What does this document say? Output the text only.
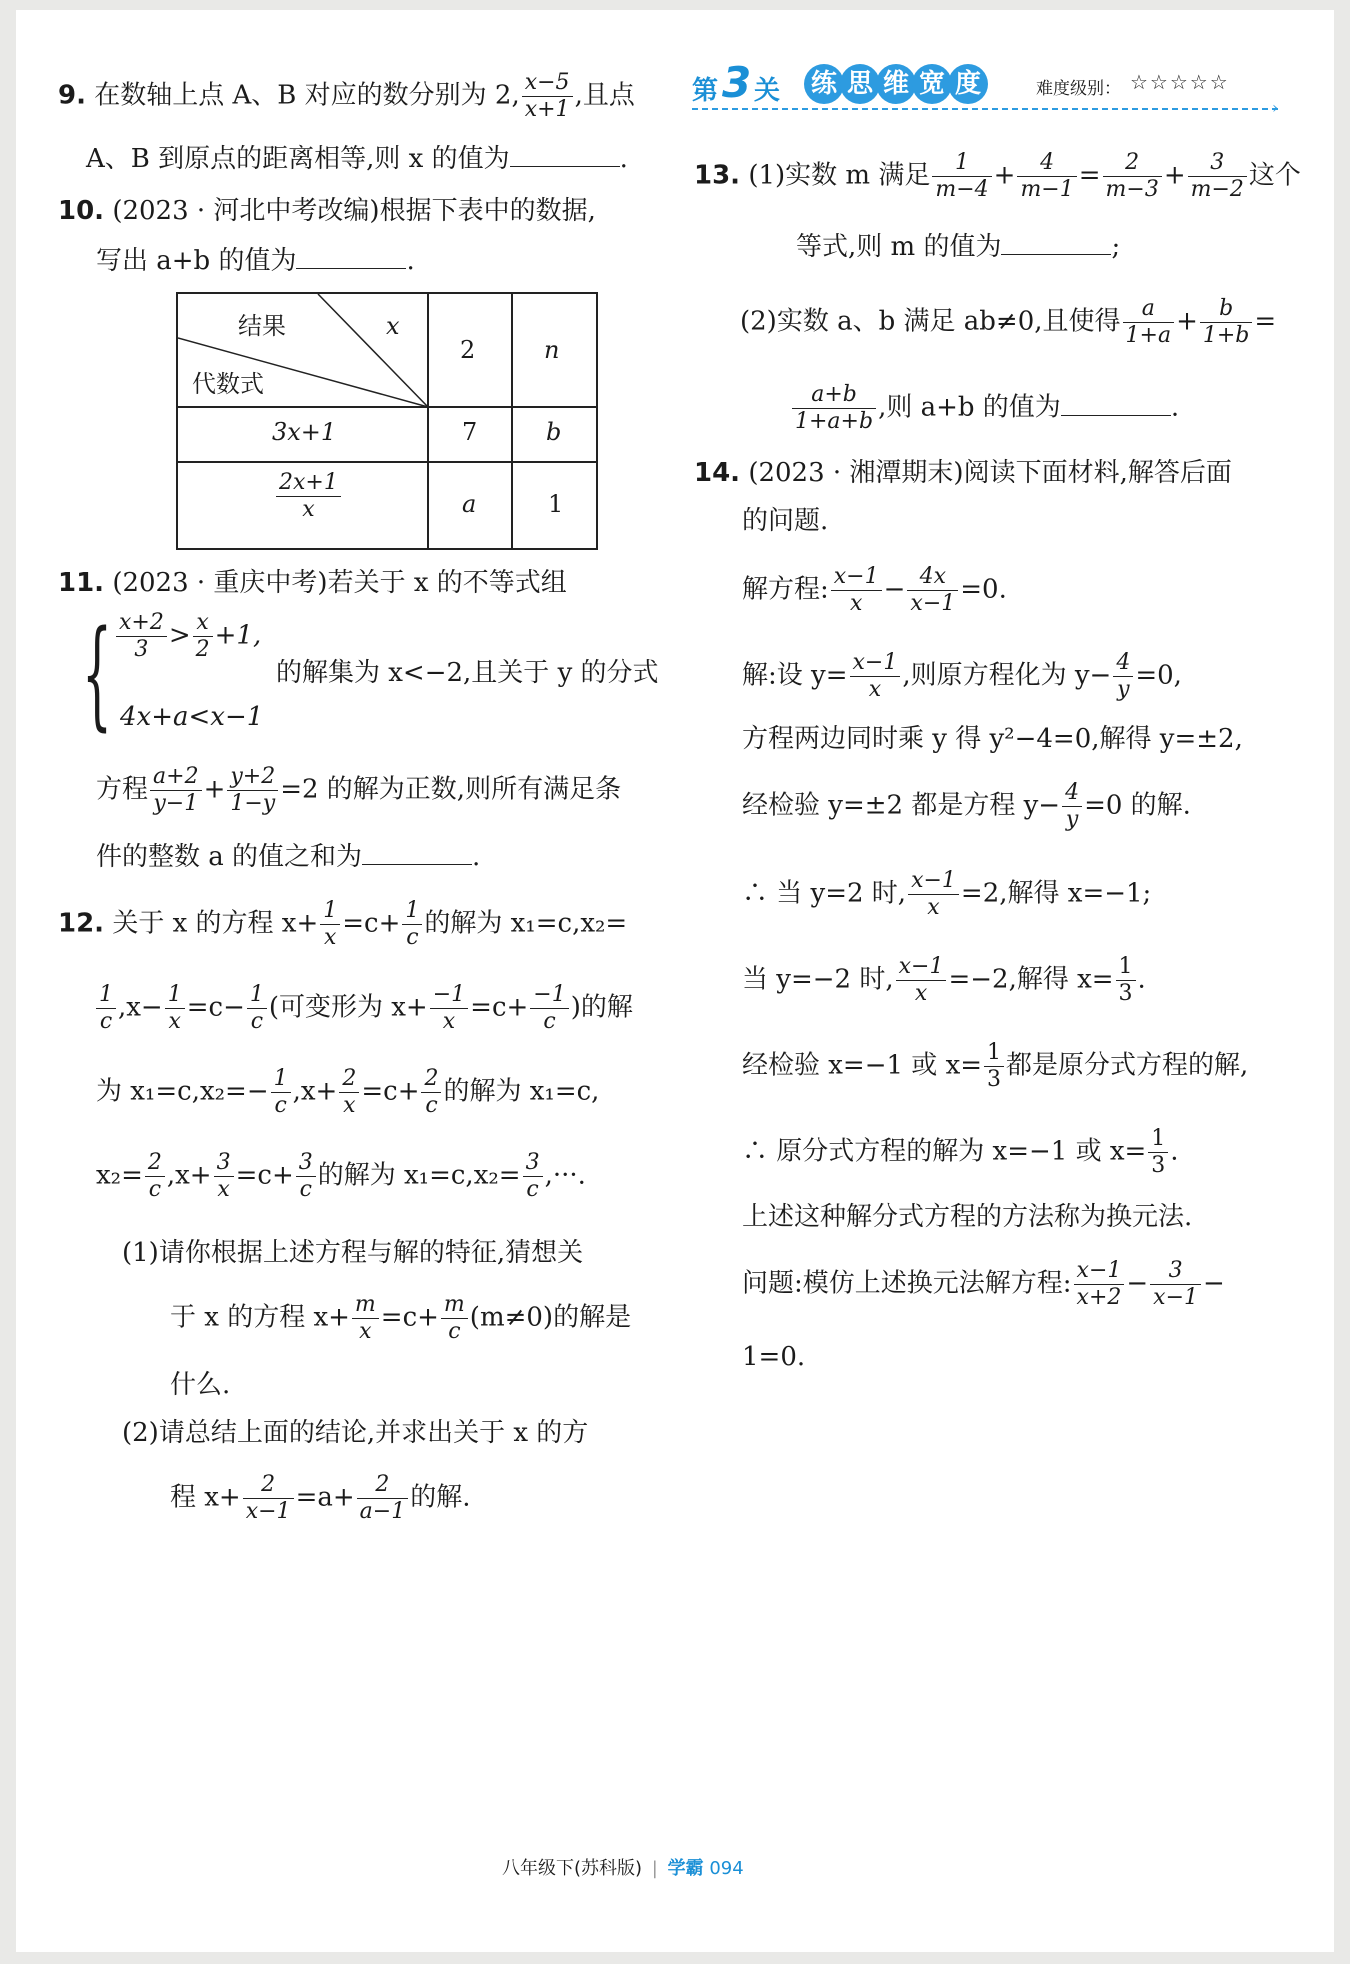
9. 在数轴上点 A、B 对应的数分别为 2, $\frac{x-5}{x+1}$ ,且点
A、B 到原点的距离相等,则 x 的值为	.
10. (2023 · 河北中考改编)根据下表中的数据,
写出 a+b 的值为	.
结果	x
代数式
2	n
3x+1	7	b
$\frac{2x+1}{x}$	a	1
11. (2023 · 重庆中考)若关于 x 的不等式组
{ $\frac{x+2}{3} > \frac{x}{2} +1$,
4x+a<x−1
的解集为 x<−2,且关于 y 的分式
方程 $\frac{a+2}{y-1} + \frac{y+2}{1-y} =2$ 的解为正数,则所有满足条
件的整数 a 的值之和为	.
12. 关于 x 的方程 $x+ \frac{1}{x} =c+ \frac{1}{c}$ 的解为 x₁=c,x₂=
$\frac{1}{c} ,x- \frac{1}{x} =c- \frac{1}{c}$ (可变形为 $x+ \frac{-1}{x} =c+ \frac{-1}{c}$ )的解
为 $x_1=c,x_2=- \frac{1}{c} ,x+ \frac{2}{x} =c+ \frac{2}{c}$ 的解为 x₁=c,
$x_2= \frac{2}{c} ,x+ \frac{3}{x} =c+ \frac{3}{c}$ 的解为 $x_1=c,x_2= \frac{3}{c}$ ,···.
(1)请你根据上述方程与解的特征,猜想关
于 x 的方程 $x+ \frac{m}{x} =c+ \frac{m}{c} (m\ne 0)$的解是
什么.
(2)请总结上面的结论,并求出关于 x 的方
程 $x+ \frac{2}{x-1} =a+ \frac{2}{a-1}$ 的解.
第 3 关 练 思 维 宽 度	难度级别： ☆☆☆☆☆
›
13. (1)实数 m 满足 $\frac{1}{m-4} + \frac{4}{m-1} = \frac{2}{m-3} + \frac{3}{m-2}$ 这个
等式,则 m 的值为	;
(2)实数 a、b 满足 ab≠0,且使得 $\frac{a}{1+a} + \frac{b}{1+b}$ =
$\frac{a+b}{1+a+b}$ ,则 a+b 的值为	.
14. (2023 · 湘潭期末)阅读下面材料,解答后面
的问题.
解方程: $\frac{x-1}{x} - \frac{4x}{x-1} =0$.
解:设 $y= \frac{x-1}{x}$ ,则原方程化为 $y- \frac{4}{y} =0$,
方程两边同时乘 y 得 y²−4=0,解得 y=±2,
经检验 y=±2 都是方程 $y- \frac{4}{y} =0$ 的解.
∴ 当 y=2 时, $\frac{x-1}{x} =2$,解得 x=−1;
当 y=−2 时, $\frac{x-1}{x} =-2$,解得 $x= \frac{1}{3}$ .
经检验 x=−1 或 $x= \frac{1}{3}$ 都是原分式方程的解,
∴ 原分式方程的解为 x=−1 或 $x= \frac{1}{3}$ .
上述这种解分式方程的方法称为换元法.
问题:模仿上述换元法解方程: $\frac{x-1}{x+2} - \frac{3}{x-1}$ −
1=0.
八年级下(苏科版) | 学霸 094
